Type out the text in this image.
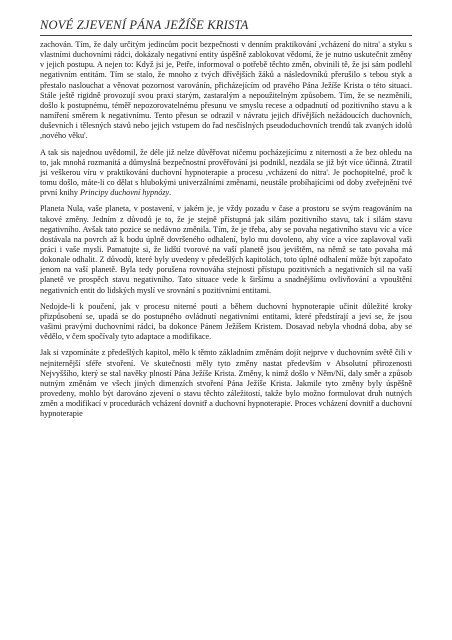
NOVÉ ZJEVENÍ PÁNA JEŽÍŠE KRISTA

zachován. Tím, že daly určitým jedincům pocit bezpečnosti v denním praktikování ,vcházení do nitra' a styku s vlastními duchovními rádci, dokázaly negativní entity úspěšně zablokovat vědomí, že je nutno uskutečnit změny v jejich postupu. A nejen to: Když jsi je, Petře, informoval o potřebě těchto změn, obvinili tě, že jsi sám podlehl negativním entitám. Tím se stalo, že mnoho z tvých dřívějších žáků a následovníků přerušilo s tebou styk a přestalo naslouchat a věnovat pozornost varovánín, přicházejícím od pravého Pána Ježíše Krista o této situaci. Stále ještě rigidně provozují svou praxi starým, zastaralým a nepoužitelným způsobem. Tím, že se nezměnili, došlo k postupnému, téměř nepozorovatelnému přesunu ve smyslu recese a odpadnutí od pozitivního stavu a k namíření směrem k negativnímu. Tento přesun se odrazil v návratu jejich dřívějších nežádoucích duchovních, duševních i tělesných stavů nebo jejich vstupem do řad nesčíslných pseudoduchovních trendů tak zvaných idolů ,nového věku'.

A tak sis najednou uvědomil, že déle již nelze důvěřovat ničemu pocházejícímu z niternosti a že bez ohledu na to, jak mnohá rozmanitá a důmyslná bezpečnostní prověřování jsi podnikl, nezdála se již být více účinná. Ztratil jsi veškerou víru v praktikování duchovní hypnoterapie a procesu ,vcházení do nitra'. Je pochopitelné, proč k tomu došlo, máte-li co dělat s hlubokými univerzálními změnami, neustále probíhajícími od doby zveřejnění tvé první knihy Principy duchovní hypnózy.

Planeta Nula, vaše planeta, v postavení, v jakém je, je vždy pozadu v čase a prostoru se svým reagováním na takové změny. Jedním z důvodů je to, že je stejně přístupná jak silám pozitivního stavu, tak i silám stavu negativního. Avšak tato pozice se nedávno změnila. Tím, že je třeba, aby se povaha negativního stavu víc a více dostávala na povrch až k bodu úplně dovršeného odhalení, bylo mu dovoleno, aby více a více zaplavoval vaši práci i vaše mysli. Pamatujte si, že lidští tvorové na vaší planetě jsou jevištěm, na němž se tato povaha má dokonale odhalit. Z důvodů, které byly uvedeny v předešlých kapitolách, toto úplné odhalení může být započato jenom na vaší planetě. Byla tedy porušena rovnováha stejnosti přístupu pozitivních a negativních sil na vaší planetě ve prospěch stavu negativního. Tato situace vede k širšímu a snadnějšímu ovlivňování a vpouštění negativních entit do lidských myslí ve srovnání s pozitivními entitami.

Nedojde-li k poučení, jak v procesu niterné pouti a během duchovní hypnoterapie učinit důležité kroky přizpůsobení se, upadá se do postupného ovládnutí negativními entitami, které předstírají a jeví se, že jsou vašimi pravými duchovními rádci, ba dokonce Pánem Ježíšem Kristem. Dosavad nebyla vhodná doba, aby se vědělo, v čem spočívaly tyto adaptace a modifikace.

Jak si vzpomínáte z předešlých kapitol, mělo k těmto základním změnám dojít nejprve v duchovním světě čili v nejniternější sféře stvoření. Ve skutečnosti měly tyto změny nastat především v Absolutní přirozenosti Nejvyššího, který se stal navěky plností Pána Ježíše Krista. Změny, k nimž došlo v Něm/Ní, daly směr a způsob nutným změnám ve všech jiných dimenzích stvoření Pána Ježíše Krista. Jakmile tyto změny byly úspěšně provedeny, mohlo být darováno zjevení o stavu těchto záležitostí, takže bylo možno formulovat druh nutných změn a modifikací v procedurách vcházení dovnitř a duchovní hypnoterapie. Proces vcházení dovnitř a duchovní hypnoterapie
